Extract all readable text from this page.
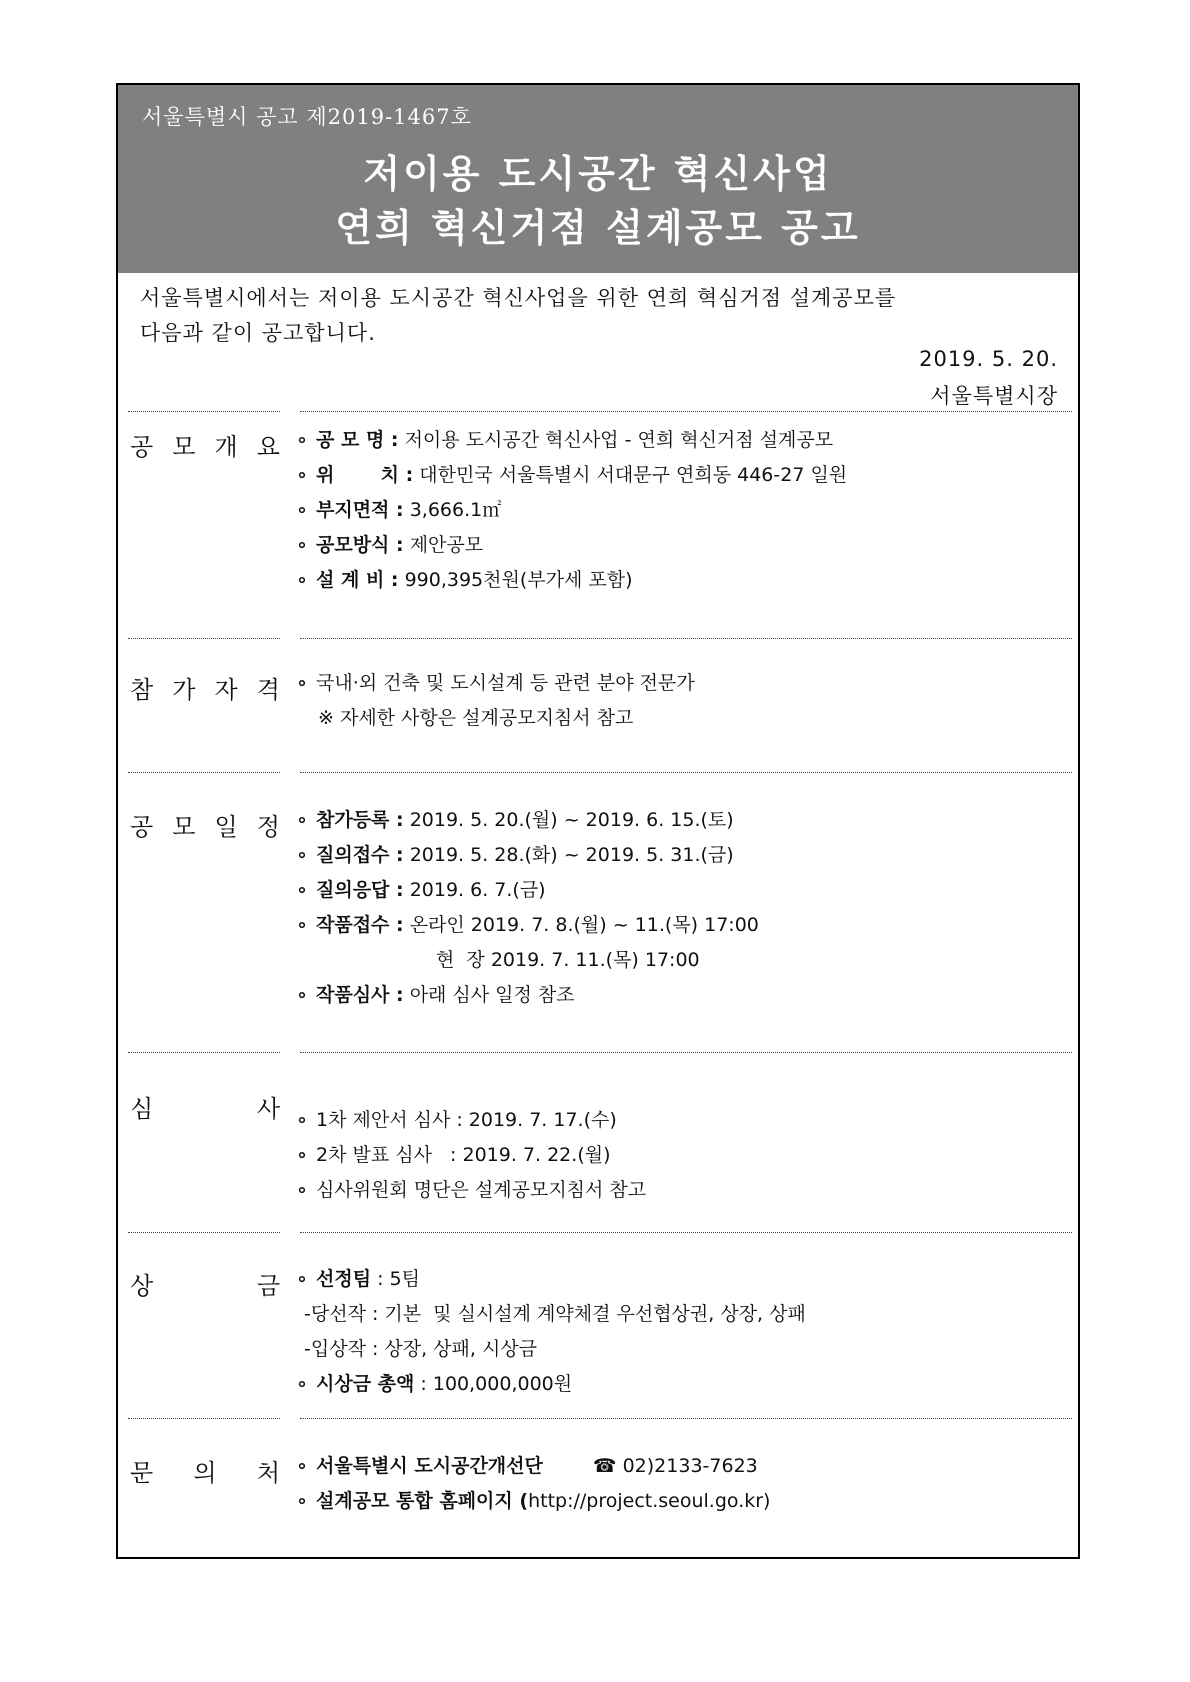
서울특별시 공고 제2019-1467호
저이용 도시공간 혁신사업
연희 혁신거점 설계공모 공고
서울특별시에서는 저이용 도시공간 혁신사업을 위한 연희 혁심거점 설계공모를
다음과 같이 공고합니다.
2019. 5. 20.
서울특별시장
공 모 개 요 ∘ 공 모 명 : 저이용 도시공간 혁신사업 - 연희 혁신거점 설계공모
∘ 위       치 : 대한민국 서울특별시 서대문구 연희동 446-27 일원
∘ 부지면적 : 3,666.1㎡
∘ 공모방식 : 제안공모
∘ 설 계 비 : 990,395천원(부가세 포함)
참 가 자 격 ∘ 국내·외 건축 및 도시설계 등 관련 분야 전문가
※ 자세한 사항은 설계공모지침서 참고
공 모 일 정 ∘ 참가등록 : 2019. 5. 20.(월) ~ 2019. 6. 15.(토)
∘ 질의접수 : 2019. 5. 28.(화) ~ 2019. 5. 31.(금)
∘ 질의응답 : 2019. 6. 7.(금)
∘ 작품접수 : 온라인 2019. 7. 8.(월) ~ 11.(목) 17:00
현  장 2019. 7. 11.(목) 17:00
∘ 작품심사 : 아래 심사 일정 참조
심	사 ∘ 1차 제안서 심사 : 2019. 7. 17.(수)
∘ 2차 발표 심사   : 2019. 7. 22.(월)
∘ 심사위원회 명단은 설계공모지침서 참고
상	금 ∘ 선정팀 : 5팀
-당선작 : 기본  및 실시설계 계약체결 우선협상권, 상장, 상패
-입상작 : 상장, 상패, 시상금
∘ 시상금 총액 : 100,000,000원
문 의 처 ∘ 서울특별시 도시공간개선단	☎ 02)2133-7623
∘ 설계공모 통합 홈페이지 (http://project.seoul.go.kr)
